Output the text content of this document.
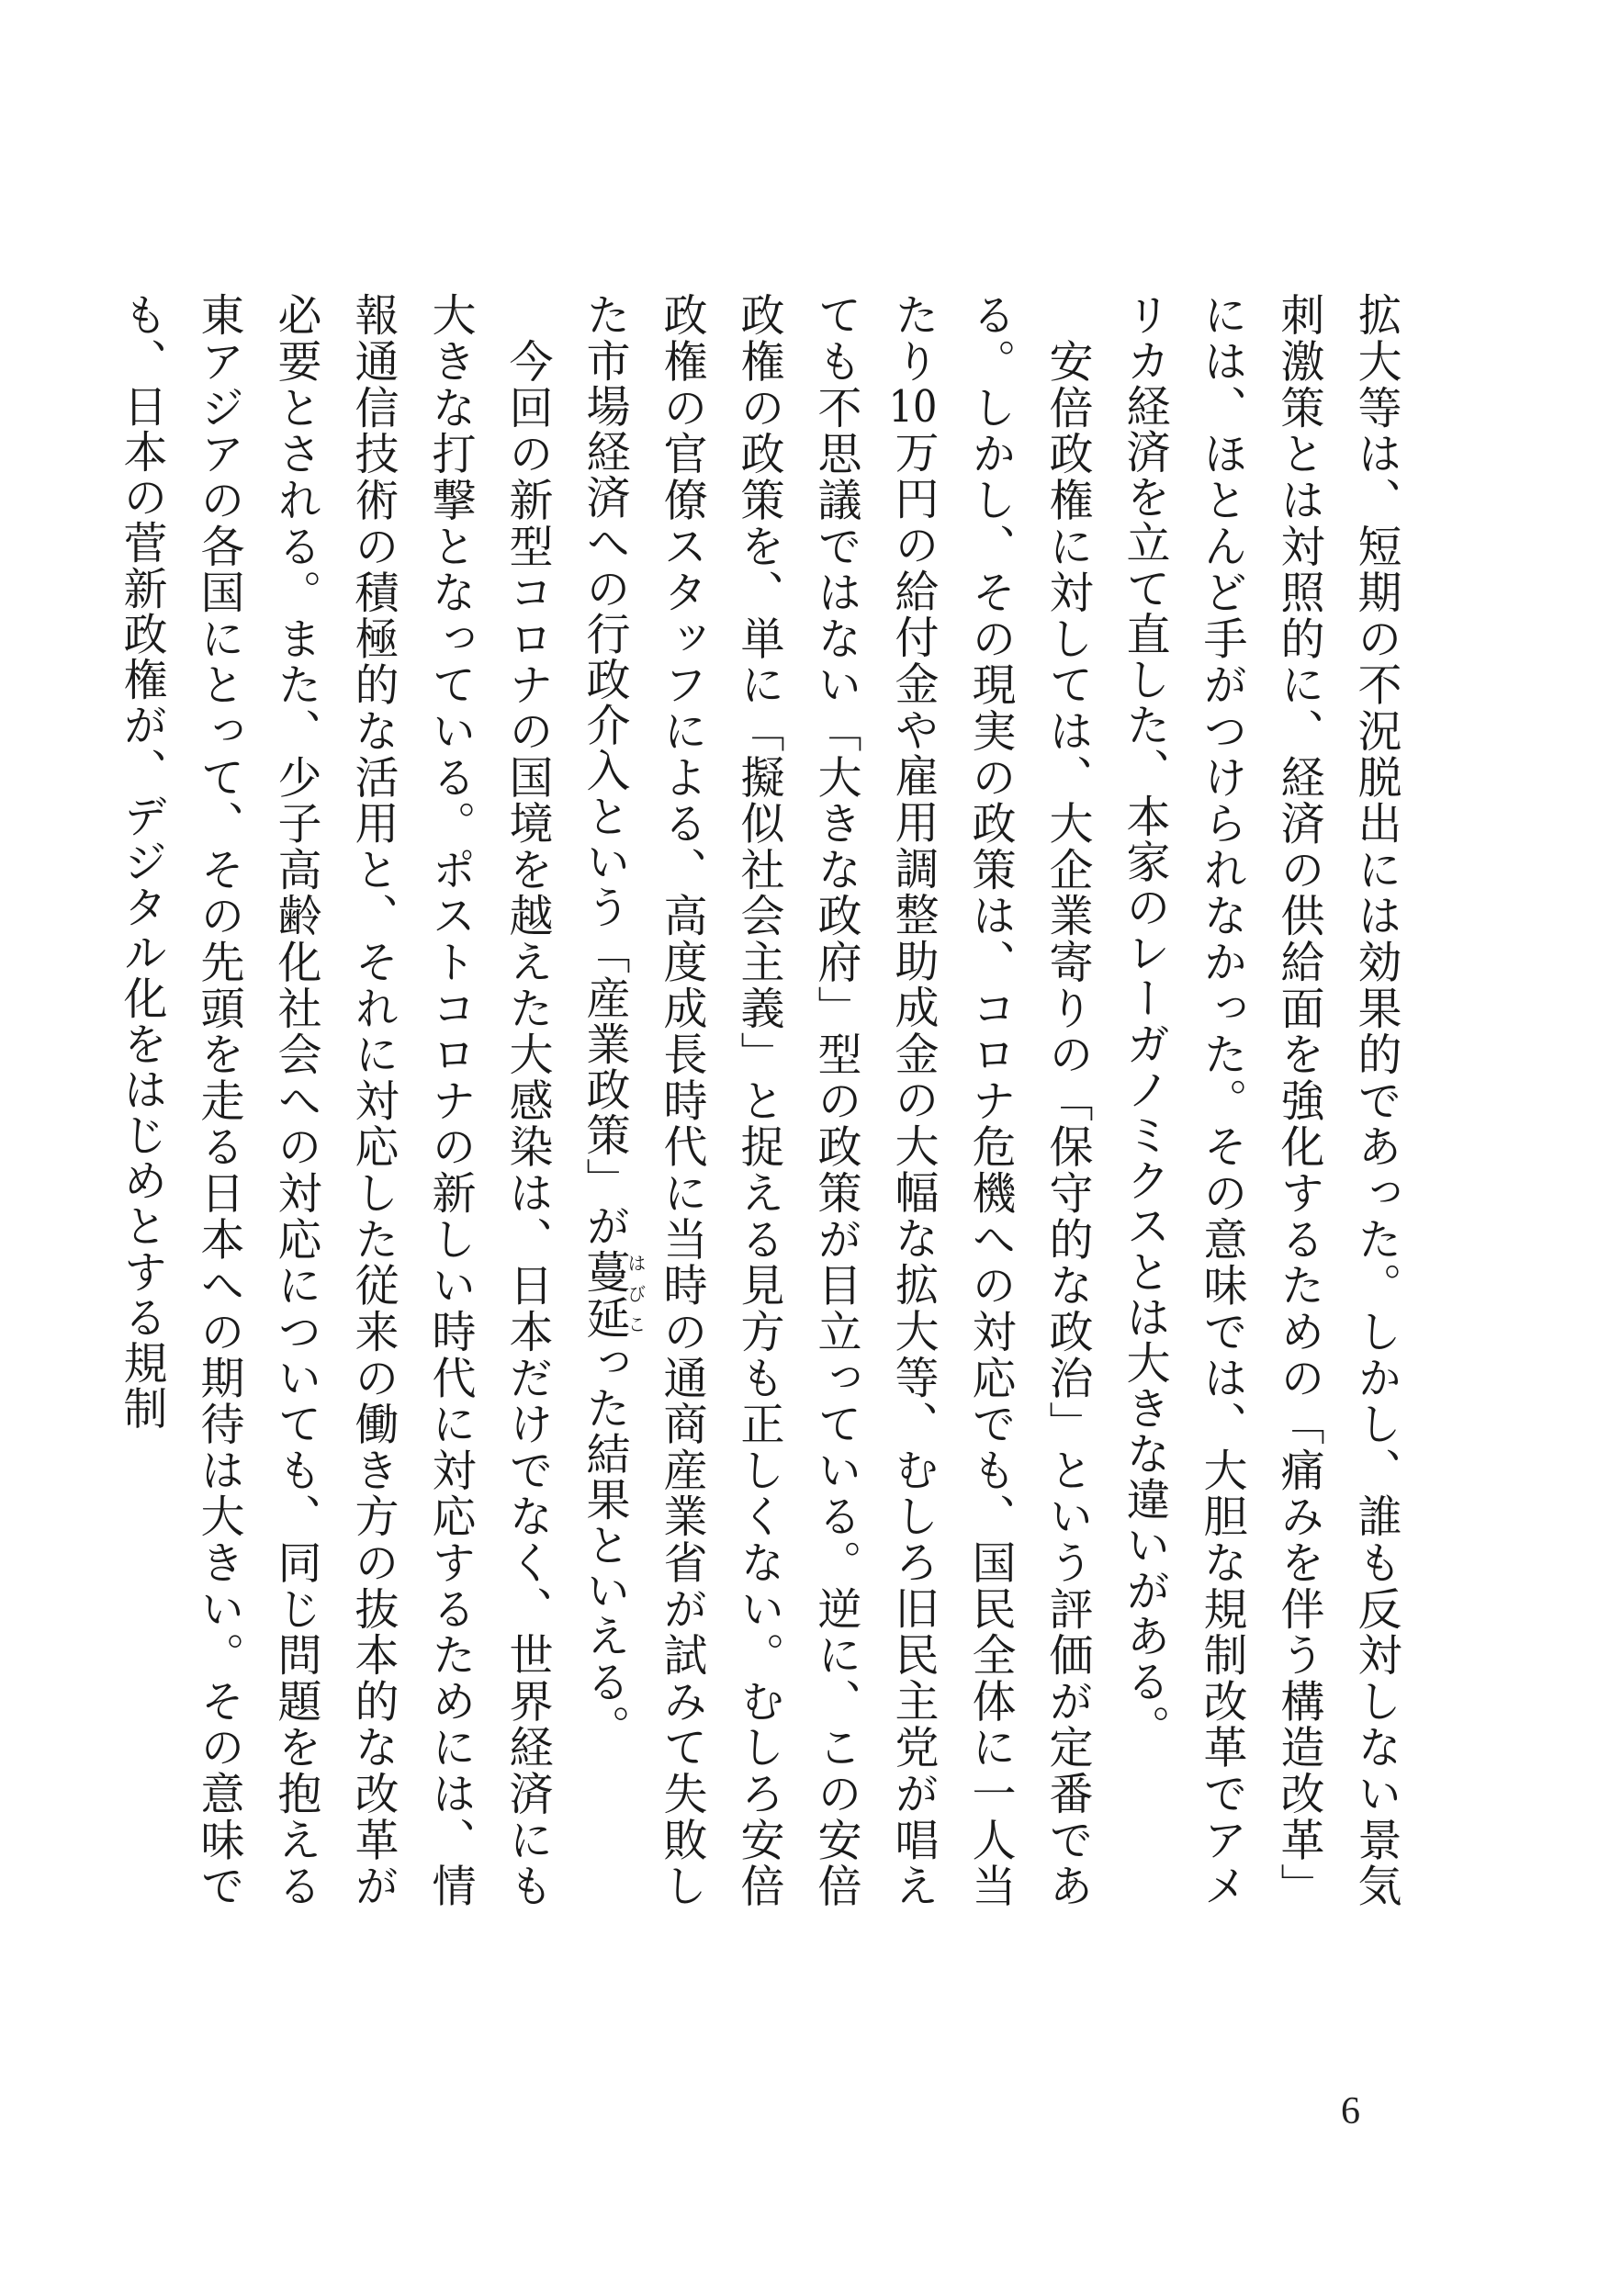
拡大等は、短期の不況脱出には効果的であった。しかし、誰も反対しない景気刺激策とは対照的に、経済の供給面を強化するための「痛みを伴う構造改革」には、ほとんど手がつけられなかった。その意味では、大胆な規制改革でアメリカ経済を立て直した、本家のレーガノミクスとは大きな違いがある。

　安倍政権に対しては、大企業寄りの「保守的な政治」という評価が定番である。しかし、その現実の政策は、コロナ危機への対応でも、国民全体に一人当たり10万円の給付金や雇用調整助成金の大幅な拡大等、むしろ旧民主党が唱えても不思議ではない「大きな政府」型の政策が目立っている。逆に、この安倍政権の政策を、単に「擬似社会主義」と捉える見方も正しくない。むしろ安倍政権の官僚スタッフによる、高度成長時代に当時の通商産業省が試みて失敗した市場経済への行政介入という「産業政策」が蔓延はびこった結果といえる。

　今回の新型コロナの国境を越えた大感染は、日本だけでなく、世界経済にも大きな打撃となっている。ポストコロナの新しい時代に対応するためには、情報通信技術の積極的な活用と、それに対応した従来の働き方の抜本的な改革が必要とされる。また、少子高齢化社会への対応についても、同じ問題を抱える東アジアの各国にとって、その先頭を走る日本への期待は大きい。その意味でも、日本の菅新政権が、デジタル化をはじめとする規制

6
